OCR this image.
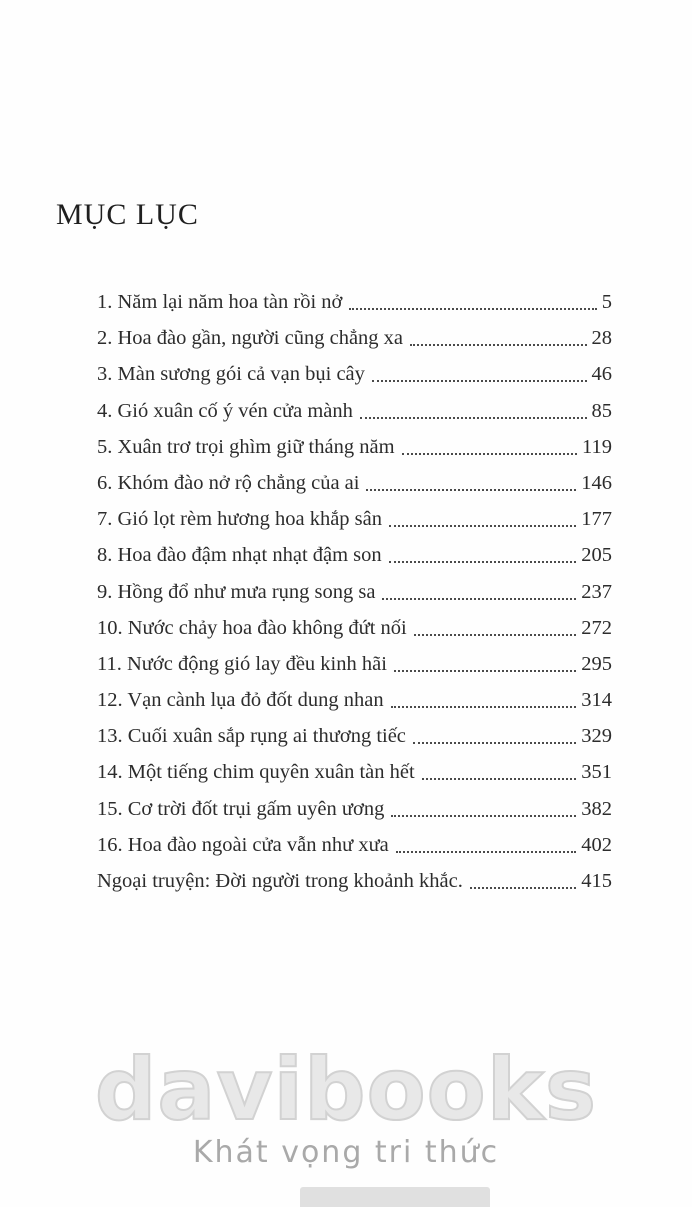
MỤC LỤC
1. Năm lại năm hoa tàn rồi nở	5
2. Hoa đào gần, người cũng chẳng xa	28
3. Màn sương gói cả vạn bụi cây	46
4. Gió xuân cố ý vén cửa mành	85
5. Xuân trơ trọi ghìm giữ tháng năm	119
6. Khóm đào nở rộ chẳng của ai	146
7. Gió lọt rèm hương hoa khắp sân	177
8. Hoa đào đậm nhạt nhạt đậm son	205
9. Hồng đổ như mưa rụng song sa	237
10. Nước chảy hoa đào không đứt nối	272
11. Nước động gió lay đều kinh hãi	295
12. Vạn cành lụa đỏ đốt dung nhan	314
13. Cuối xuân sắp rụng ai thương tiếc	329
14. Một tiếng chim quyên xuân tàn hết	351
15. Cơ trời đốt trụi gấm uyên ương	382
16. Hoa đào ngoài cửa vẫn như xưa	402
Ngoại truyện: Đời người trong khoảnh khắc.	415
davibooks
Khát vọng tri thức
